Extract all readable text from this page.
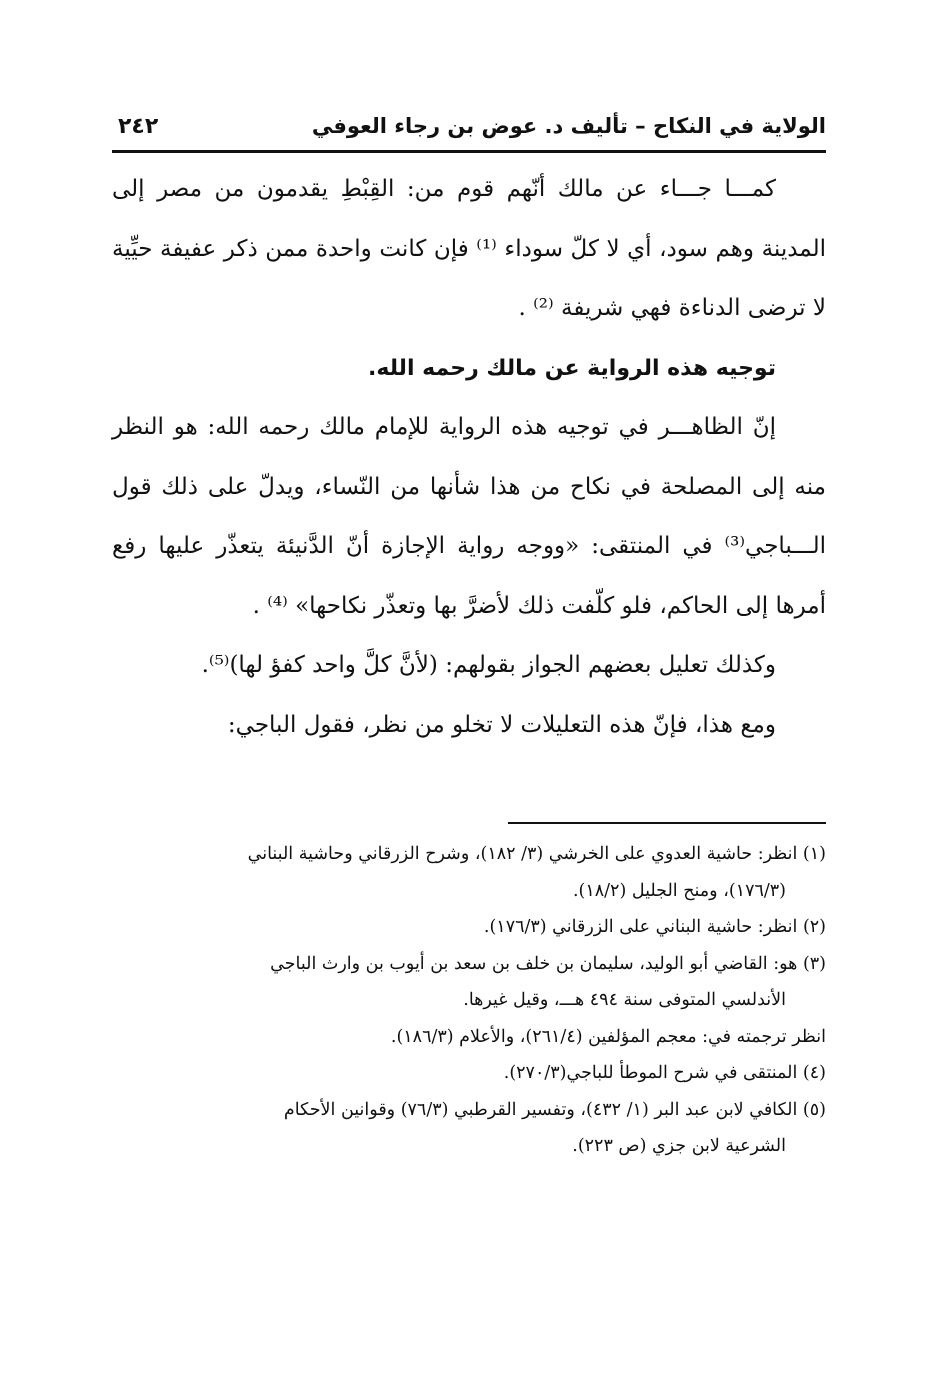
الولاية في النكاح – تأليف د. عوض بن رجاء العوفي
٢٤٢

كمـــا جـــاء عن مالك أنّهم قوم من: القِبْطِ يقدمون من مصر إلى المدينة وهم سود، أي لا كلّ سوداء ⁽¹⁾ فإن كانت واحدة ممن ذكر عفيفة حيِّية لا ترضى الدناءة فهي شريفة ⁽²⁾ .

توجيه هذه الرواية عن مالك رحمه الله.

إنّ الظاهـــر في توجيه هذه الرواية للإمام مالك رحمه الله: هو النظر منه إلى المصلحة في نكاح من هذا شأنها من النّساء، ويدلّ على ذلك قول الـــباجي⁽³⁾ في المنتقى: «ووجه رواية الإجازة أنّ الدَّنيئة يتعذّر عليها رفع أمرها إلى الحاكم، فلو كلّفت ذلك لأضرَّ بها وتعذّر نكاحها» ⁽⁴⁾ .

وكذلك تعليل بعضهم الجواز بقولهم: (لأنَّ كلَّ واحد كفؤ لها)⁽⁵⁾.

ومع هذا، فإنّ هذه التعليلات لا تخلو من نظر، فقول الباجي:

(١) انظر: حاشية العدوي على الخرشي (٣/ ١٨٢)، وشرح الزرقاني وحاشية البناني

(١٧٦/٣)، ومنح الجليل (١٨/٢).

(٢) انظر: حاشية البناني على الزرقاني (١٧٦/٣).

(٣) هو: القاضي أبو الوليد، سليمان بن خلف بن سعد بن أيوب بن وارث الباجي

الأندلسي المتوفى سنة ٤٩٤ هـــ، وقيل غيرها.

انظر ترجمته في: معجم المؤلفين (٢٦١/٤)، والأعلام (١٨٦/٣).

(٤) المنتقى في شرح الموطأ للباجي(٢٧٠/٣).

(٥) الكافي لابن عبد البر (١/ ٤٣٢)، وتفسير القرطبي (٧٦/٣) وقوانين الأحكام

الشرعية لابن جزي (ص ٢٢٣).
